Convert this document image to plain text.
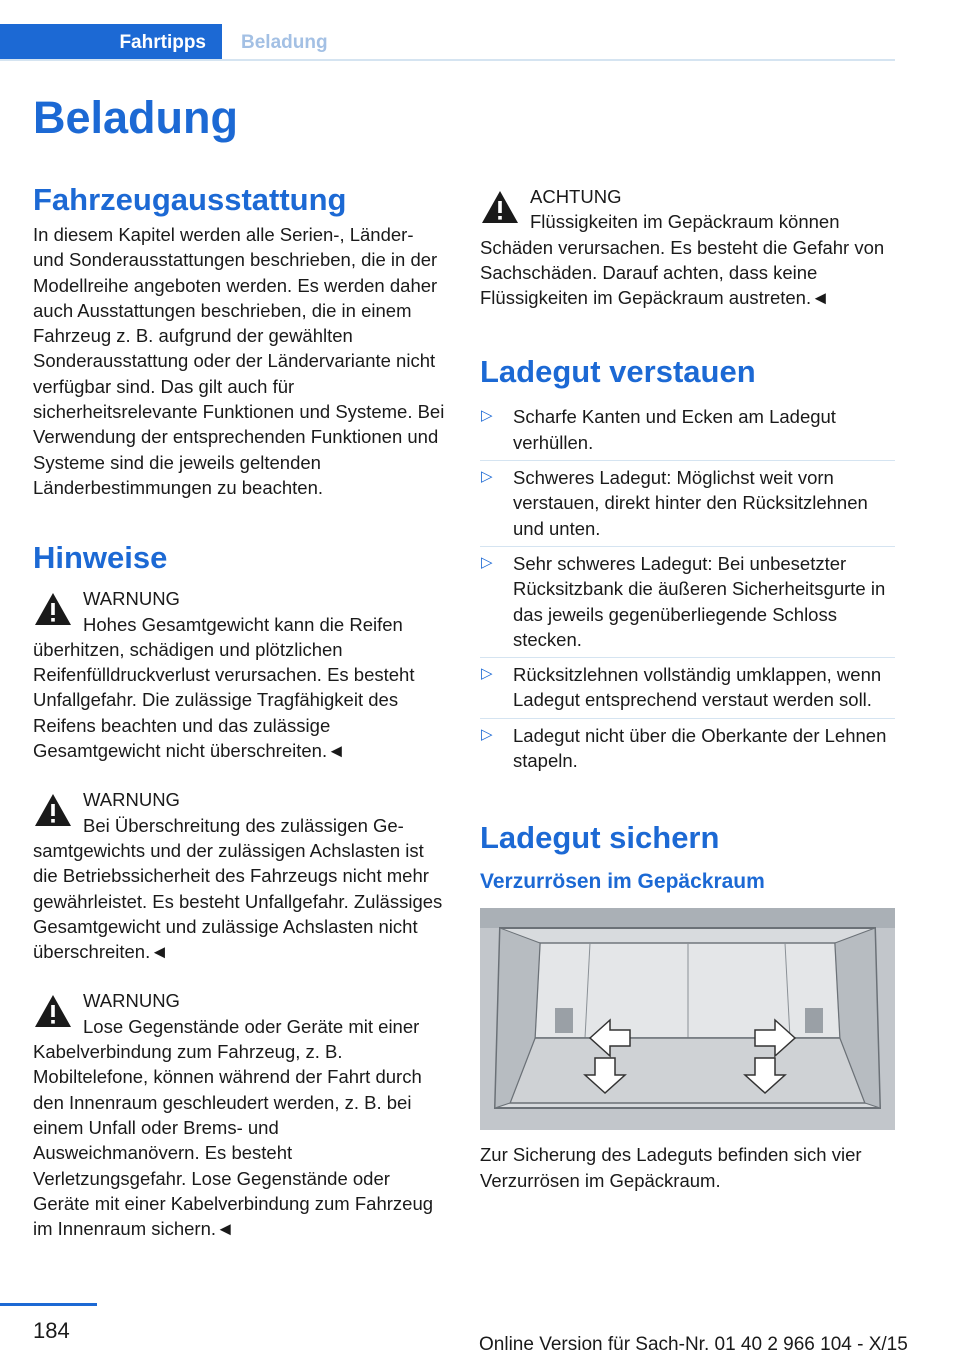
Fahrtipps	Beladung
Beladung
Fahrzeugausstattung

In diesem Kapitel werden alle Serien-, Länder- und Sonderausstattungen beschrieben, die in der Modellreihe angeboten werden. Es werden daher auch Ausstattungen beschrieben, die in einem Fahrzeug z. B. aufgrund der gewählten Sonderausstattung oder der Ländervariante nicht verfügbar sind. Das gilt auch für sicherheitsrelevante Funktionen und Systeme. Bei Verwendung der entsprechenden Funktionen und Systeme sind die jeweils geltenden Länderbestimmungen zu beachten.

Hinweise
WARNUNG

Hohes Gesamtgewicht kann die Reifen

überhitzen, schädigen und plötzlichen Reifenfülldruckverlust verursachen. Es besteht Unfallgefahr. Die zulässige Tragfähigkeit des Reifens beachten und das zulässige Gesamtgewicht nicht überschreiten.◄

WARNUNG

Bei Überschreitung des zulässigen Ge-

samtgewichts und der zulässigen Achslasten ist die Betriebssicherheit des Fahrzeugs nicht mehr gewährleistet. Es besteht Unfallgefahr. Zulässiges Gesamtgewicht und zulässige Achslasten nicht überschreiten.◄

WARNUNG

Lose Gegenstände oder Geräte mit einer

Kabelverbindung zum Fahrzeug, z. B. Mobiltelefone, können während der Fahrt durch den Innenraum geschleudert werden, z. B. bei einem Unfall oder Brems- und Ausweichmanövern. Es besteht Verletzungsgefahr. Lose Gegenstände oder Geräte mit einer Kabelverbindung zum Fahrzeug im Innenraum sichern.◄

ACHTUNG

Flüssigkeiten im Gepäckraum können

Schäden verursachen. Es besteht die Gefahr von Sachschäden. Darauf achten, dass keine Flüssigkeiten im Gepäckraum austreten.◄

Ladegut verstauen
▷ Scharfe Kanten und Ecken am Ladegut verhüllen.
▷ Schweres Ladegut: Möglichst weit vorn verstauen, direkt hinter den Rücksitzlehnen und unten.
▷ Sehr schweres Ladegut: Bei unbesetzter Rücksitzbank die äußeren Sicherheitsgurte in das jeweils gegenüberliegende Schloss stecken.
▷ Rücksitzlehnen vollständig umklappen, wenn Ladegut entsprechend verstaut werden soll.
▷ Ladegut nicht über die Oberkante der Lehnen stapeln.
Ladegut sichern
Verzurrösen im Gepäckraum

Zur Sicherung des Ladeguts befinden sich vier Verzurrösen im Gepäckraum.

184
Online Version für Sach-Nr. 01 40 2 966 104 - X/15
